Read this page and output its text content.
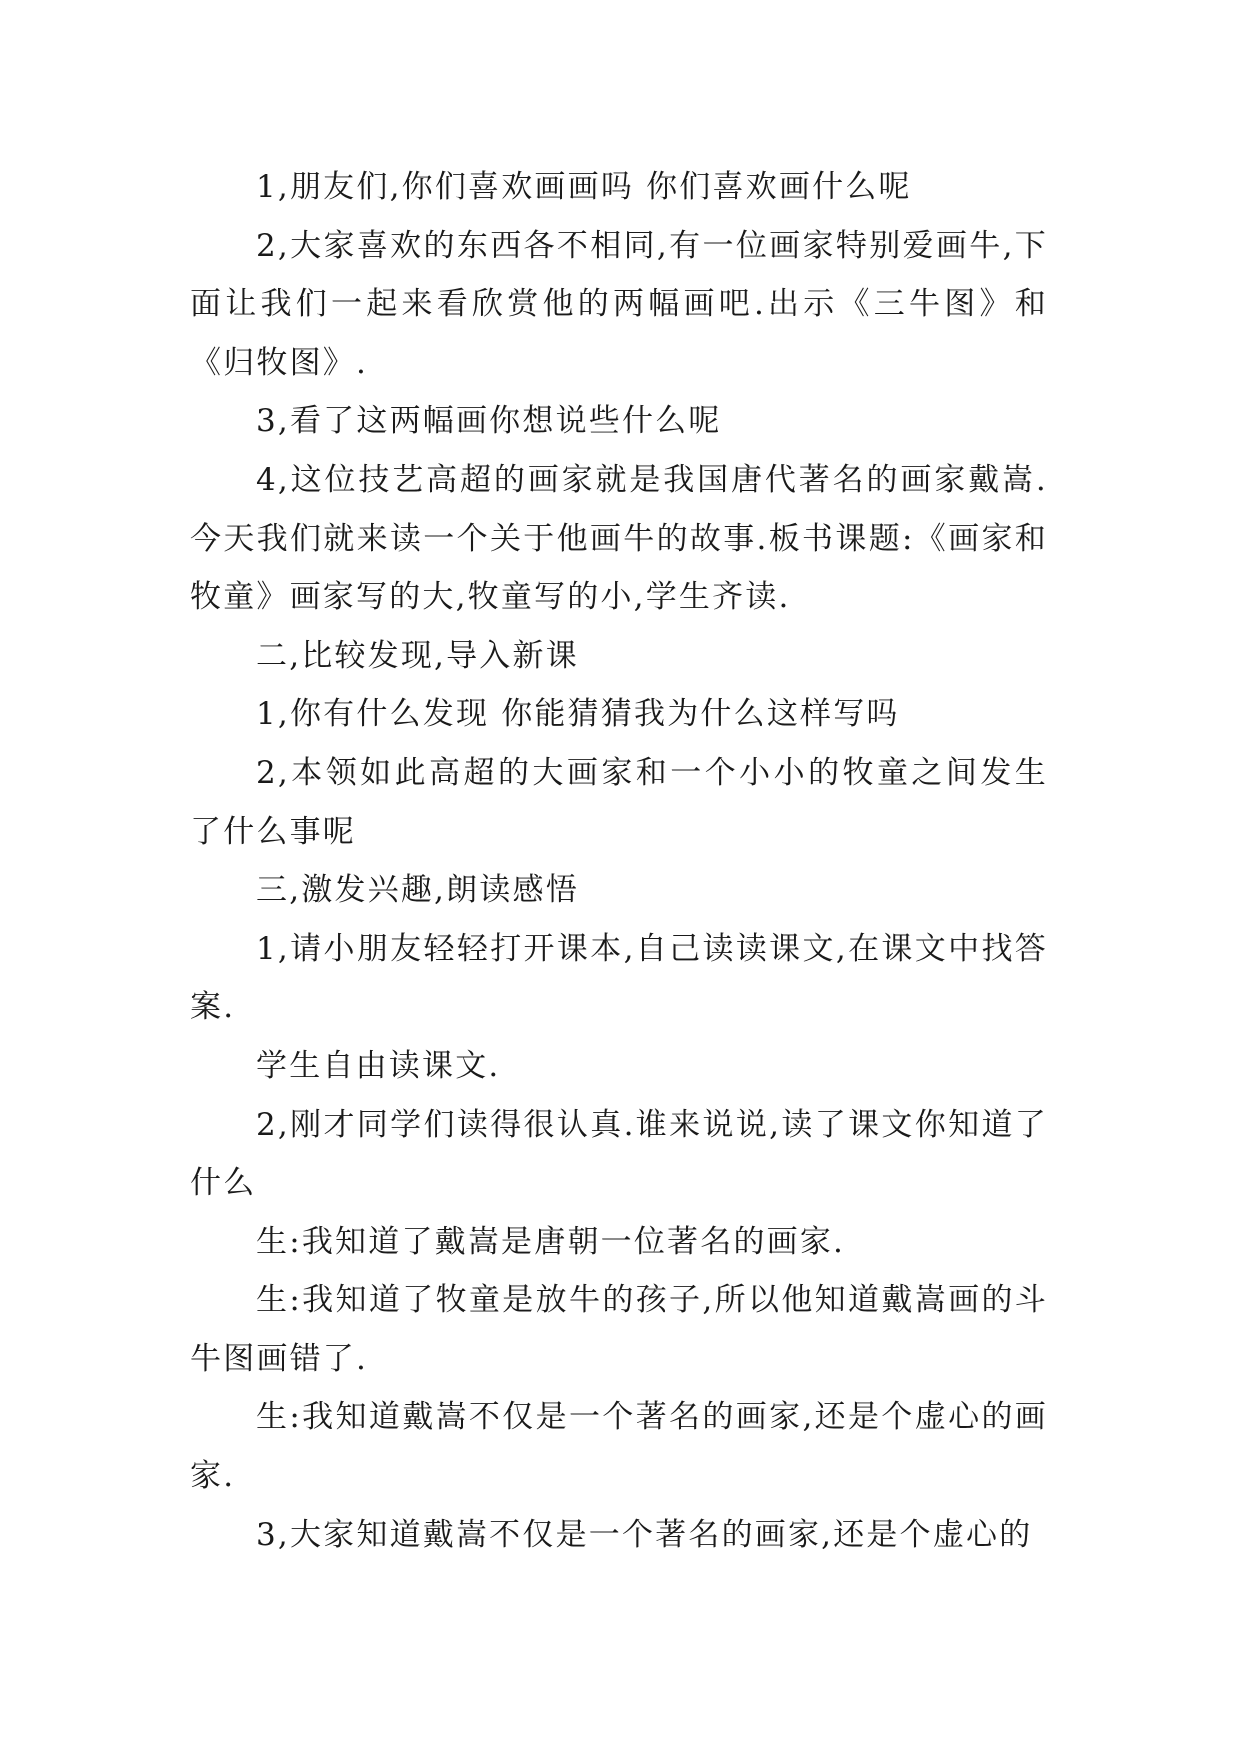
1,朋友们,你们喜欢画画吗 你们喜欢画什么呢

2,大家喜欢的东西各不相同,有一位画家特别爱画牛,下面让我们一起来看欣赏他的两幅画吧.出示《三牛图》和《归牧图》.

3,看了这两幅画你想说些什么呢

4,这位技艺高超的画家就是我国唐代著名的画家戴嵩.今天我们就来读一个关于他画牛的故事.板书课题:《画家和牧童》画家写的大,牧童写的小,学生齐读.

二,比较发现,导入新课

1,你有什么发现 你能猜猜我为什么这样写吗

2,本领如此高超的大画家和一个小小的牧童之间发生了什么事呢

三,激发兴趣,朗读感悟

1,请小朋友轻轻打开课本,自己读读课文,在课文中找答案.

学生自由读课文.

2,刚才同学们读得很认真.谁来说说,读了课文你知道了什么

生:我知道了戴嵩是唐朝一位著名的画家.

生:我知道了牧童是放牛的孩子,所以他知道戴嵩画的斗牛图画错了.

生:我知道戴嵩不仅是一个著名的画家,还是个虚心的画家.

3,大家知道戴嵩不仅是一个著名的画家,还是个虚心的
